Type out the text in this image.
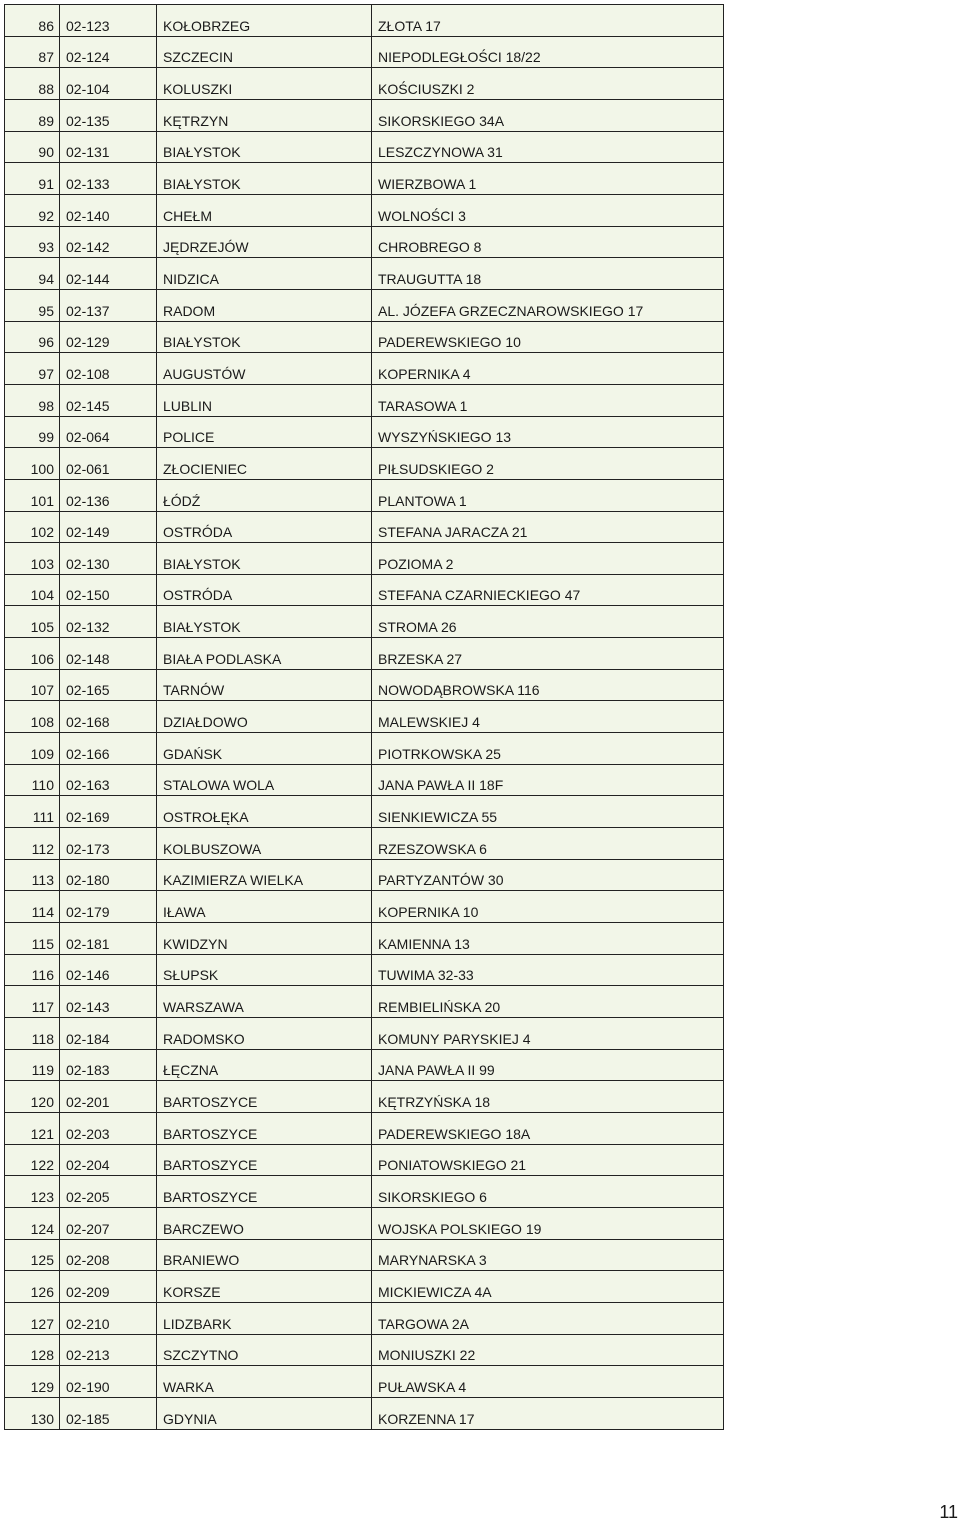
86	02-123	KOŁOBRZEG	ZŁOTA 17
87	02-124	SZCZECIN	NIEPODLEGŁOŚCI 18/22
88	02-104	KOLUSZKI	KOŚCIUSZKI 2
89	02-135	KĘTRZYN	SIKORSKIEGO 34A
90	02-131	BIAŁYSTOK	LESZCZYNOWA 31
91	02-133	BIAŁYSTOK	WIERZBOWA 1
92	02-140	CHEŁM	WOLNOŚCI 3
93	02-142	JĘDRZEJÓW	CHROBREGO 8
94	02-144	NIDZICA	TRAUGUTTA 18
95	02-137	RADOM	AL. JÓZEFA GRZECZNAROWSKIEGO 17
96	02-129	BIAŁYSTOK	PADEREWSKIEGO 10
97	02-108	AUGUSTÓW	KOPERNIKA 4
98	02-145	LUBLIN	TARASOWA 1
99	02-064	POLICE	WYSZYŃSKIEGO 13
100	02-061	ZŁOCIENIEC	PIŁSUDSKIEGO 2
101	02-136	ŁÓDŹ	PLANTOWA 1
102	02-149	OSTRÓDA	STEFANA JARACZA 21
103	02-130	BIAŁYSTOK	POZIOMA 2
104	02-150	OSTRÓDA	STEFANA CZARNIECKIEGO 47
105	02-132	BIAŁYSTOK	STROMA 26
106	02-148	BIAŁA PODLASKA	BRZESKA 27
107	02-165	TARNÓW	NOWODĄBROWSKA 116
108	02-168	DZIAŁDOWO	MALEWSKIEJ 4
109	02-166	GDAŃSK	PIOTRKOWSKA 25
110	02-163	STALOWA WOLA	JANA PAWŁA II 18F
111	02-169	OSTROŁĘKA	SIENKIEWICZA 55
112	02-173	KOLBUSZOWA	RZESZOWSKA 6
113	02-180	KAZIMIERZA WIELKA	PARTYZANTÓW 30
114	02-179	IŁAWA	KOPERNIKA 10
115	02-181	KWIDZYN	KAMIENNA 13
116	02-146	SŁUPSK	TUWIMA 32-33
117	02-143	WARSZAWA	REMBIELIŃSKA 20
118	02-184	RADOMSKO	KOMUNY PARYSKIEJ 4
119	02-183	ŁĘCZNA	JANA PAWŁA II 99
120	02-201	BARTOSZYCE	KĘTRZYŃSKA 18
121	02-203	BARTOSZYCE	PADEREWSKIEGO 18A
122	02-204	BARTOSZYCE	PONIATOWSKIEGO 21
123	02-205	BARTOSZYCE	SIKORSKIEGO 6
124	02-207	BARCZEWO	WOJSKA POLSKIEGO 19
125	02-208	BRANIEWO	MARYNARSKA 3
126	02-209	KORSZE	MICKIEWICZA 4A
127	02-210	LIDZBARK	TARGOWA 2A
128	02-213	SZCZYTNO	MONIUSZKI 22
129	02-190	WARKA	PUŁAWSKA 4
130	02-185	GDYNIA	KORZENNA 17
11
